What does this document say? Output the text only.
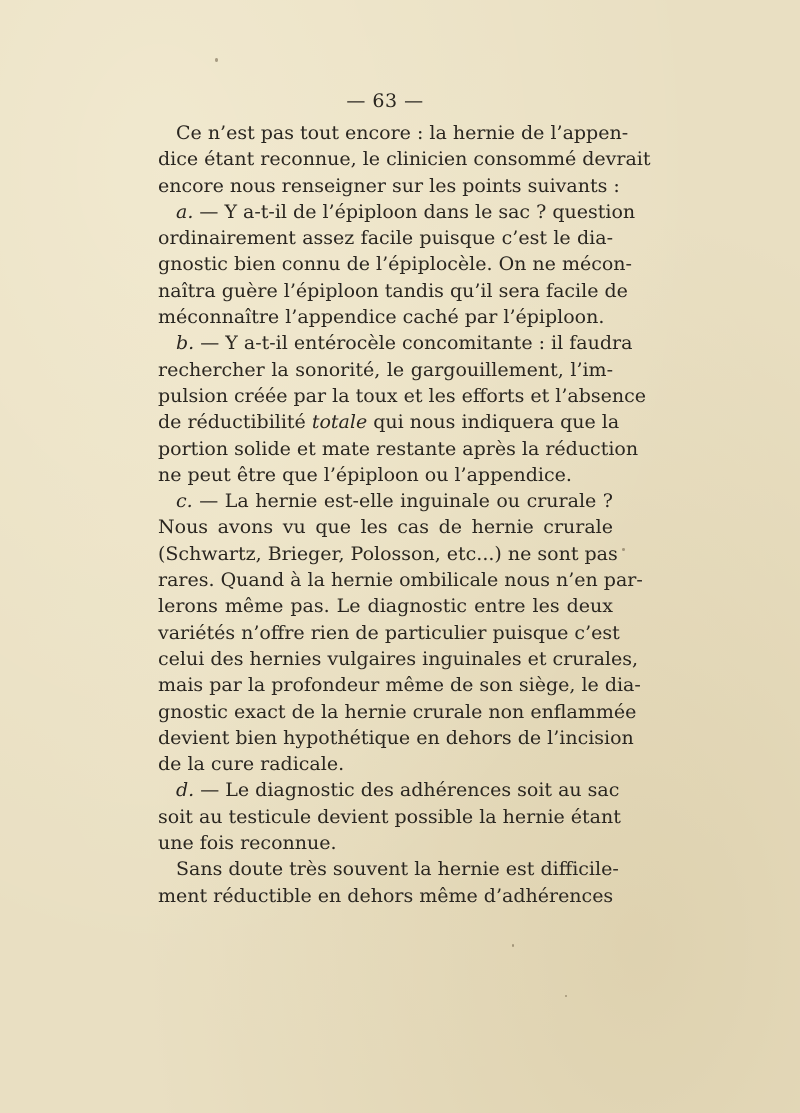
— 63 —
Ce n’est pas tout encore : la hernie de l’appen-
dice étant reconnue, le clinicien consommé devrait
encore nous renseigner sur les points suivants :
a. — Y a-t-il de l’épiploon dans le sac ? question
ordinairement assez facile puisque c’est le dia-
gnostic bien connu de l’épiplocèle. On ne mécon-
naîtra guère l’épiploon tandis qu’il sera facile de
méconnaître l’appendice caché par l’épiploon.
b. — Y a-t-il entérocèle concomitante : il faudra
rechercher la sonorité, le gargouillement, l’im-
pulsion créée par la toux et les efforts et l’absence
de réductibilité totale qui nous indiquera que la
portion solide et mate restante après la réduction
ne peut être que l’épiploon ou l’appendice.
c. — La hernie est-elle inguinale ou crurale ?
Nous avons vu que les cas de hernie crurale
(Schwartz, Brieger, Polosson, etc...) ne sont pas
rares. Quand à la hernie ombilicale nous n’en par-
lerons même pas. Le diagnostic entre les deux
variétés n’offre rien de particulier puisque c’est
celui des hernies vulgaires inguinales et crurales,
mais par la profondeur même de son siège, le dia-
gnostic exact de la hernie crurale non enflammée
devient bien hypothétique en dehors de l’incision
de la cure radicale.
d. — Le diagnostic des adhérences soit au sac
soit au testicule devient possible la hernie étant
une fois reconnue.
Sans doute très souvent la hernie est difficile-
ment réductible en dehors même d’adhérences
